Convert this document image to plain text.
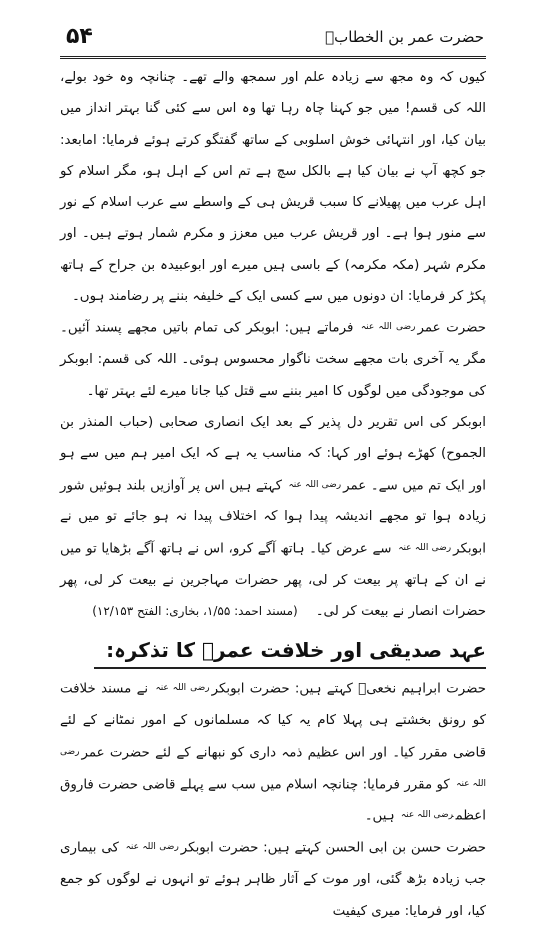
۵۴	حضرت عمر بن الخطابؓ

کیوں کہ وہ مجھ سے زیادہ علم اور سمجھ والے تھے۔ چنانچہ وہ خود بولے، اللہ کی قسم! میں جو کہنا چاہ رہا تھا وہ اس سے کئی گنا بہتر انداز میں بیان کیا، اور انتہائی خوش اسلوبی کے ساتھ گفتگو کرتے ہوئے فرمایا: امابعد: جو کچھ آپ نے بیان کیا ہے بالکل سچ ہے تم اس کے اہل ہو، مگر اسلام کو اہل عرب میں پھیلانے کا سبب قریش ہی کے واسطے سے عرب اسلام کے نور سے منور ہوا ہے۔ اور قریش عرب میں معزز و مکرم شمار ہوتے ہیں۔ اور مکرم شہر (مکہ مکرمہ) کے باسی ہیں میرے اور ابوعبیدہ بن جراح کے ہاتھ پکڑ کر فرمایا: ان دونوں میں سے کسی ایک کے خلیفہ بننے پر رضامند ہوں۔

حضرت عمررضی اللہ عنہ فرماتے ہیں: ابوبکر کی تمام باتیں مجھے پسند آئیں۔ مگر یہ آخری بات مجھے سخت ناگوار محسوس ہوئی۔ اللہ کی قسم: ابوبکر کی موجودگی میں لوگوں کا امیر بننے سے قتل کیا جانا میرے لئے بہتر تھا۔

ابوبکر کی اس تقریر دل پذیر کے بعد ایک انصاری صحابی (حباب المنذر بن الجموح) کھڑے ہوئے اور کہا: کہ مناسب یہ ہے کہ ایک امیر ہم میں سے ہو اور ایک تم میں سے۔ عمررضی اللہ عنہ کہتے ہیں اس پر آوازیں بلند ہوئیں شور زیادہ ہوا تو مجھے اندیشہ پیدا ہوا کہ اختلاف پیدا نہ ہو جائے تو میں نے ابوبکررضی اللہ عنہ سے عرض کیا۔ ہاتھ آگے کرو، اس نے ہاتھ آگے بڑھایا تو میں نے ان کے ہاتھ پر بیعت کر لی، پھر حضرات مہاجرین نے بیعت کر لی، پھر حضرات انصار نے بیعت کر لی۔(مسند احمد: ۱/۵۵، بخاری: الفتح ۱۲/۱۵۳)

عہد صدیقی اور خلافت عمرؓ کا تذکرہ:

حضرت ابراہیم نخعیؒ کہتے ہیں: حضرت ابوبکررضی اللہ عنہ نے مسند خلافت کو رونق بخشتے ہی پہلا کام یہ کیا کہ مسلمانوں کے امور نمٹانے کے لئے قاضی مقرر کیا۔ اور اس عظیم ذمہ داری کو نبھانے کے لئے حضرت عمررضی اللہ عنہ کو مقرر فرمایا: چنانچہ اسلام میں سب سے پہلے قاضی حضرت فاروق اعظمرضی اللہ عنہ ہیں۔

حضرت حسن بن ابی الحسن کہتے ہیں: حضرت ابوبکررضی اللہ عنہ کی بیماری جب زیادہ بڑھ گئی، اور موت کے آثار ظاہر ہوئے تو انہوں نے لوگوں کو جمع کیا، اور فرمایا: میری کیفیت
